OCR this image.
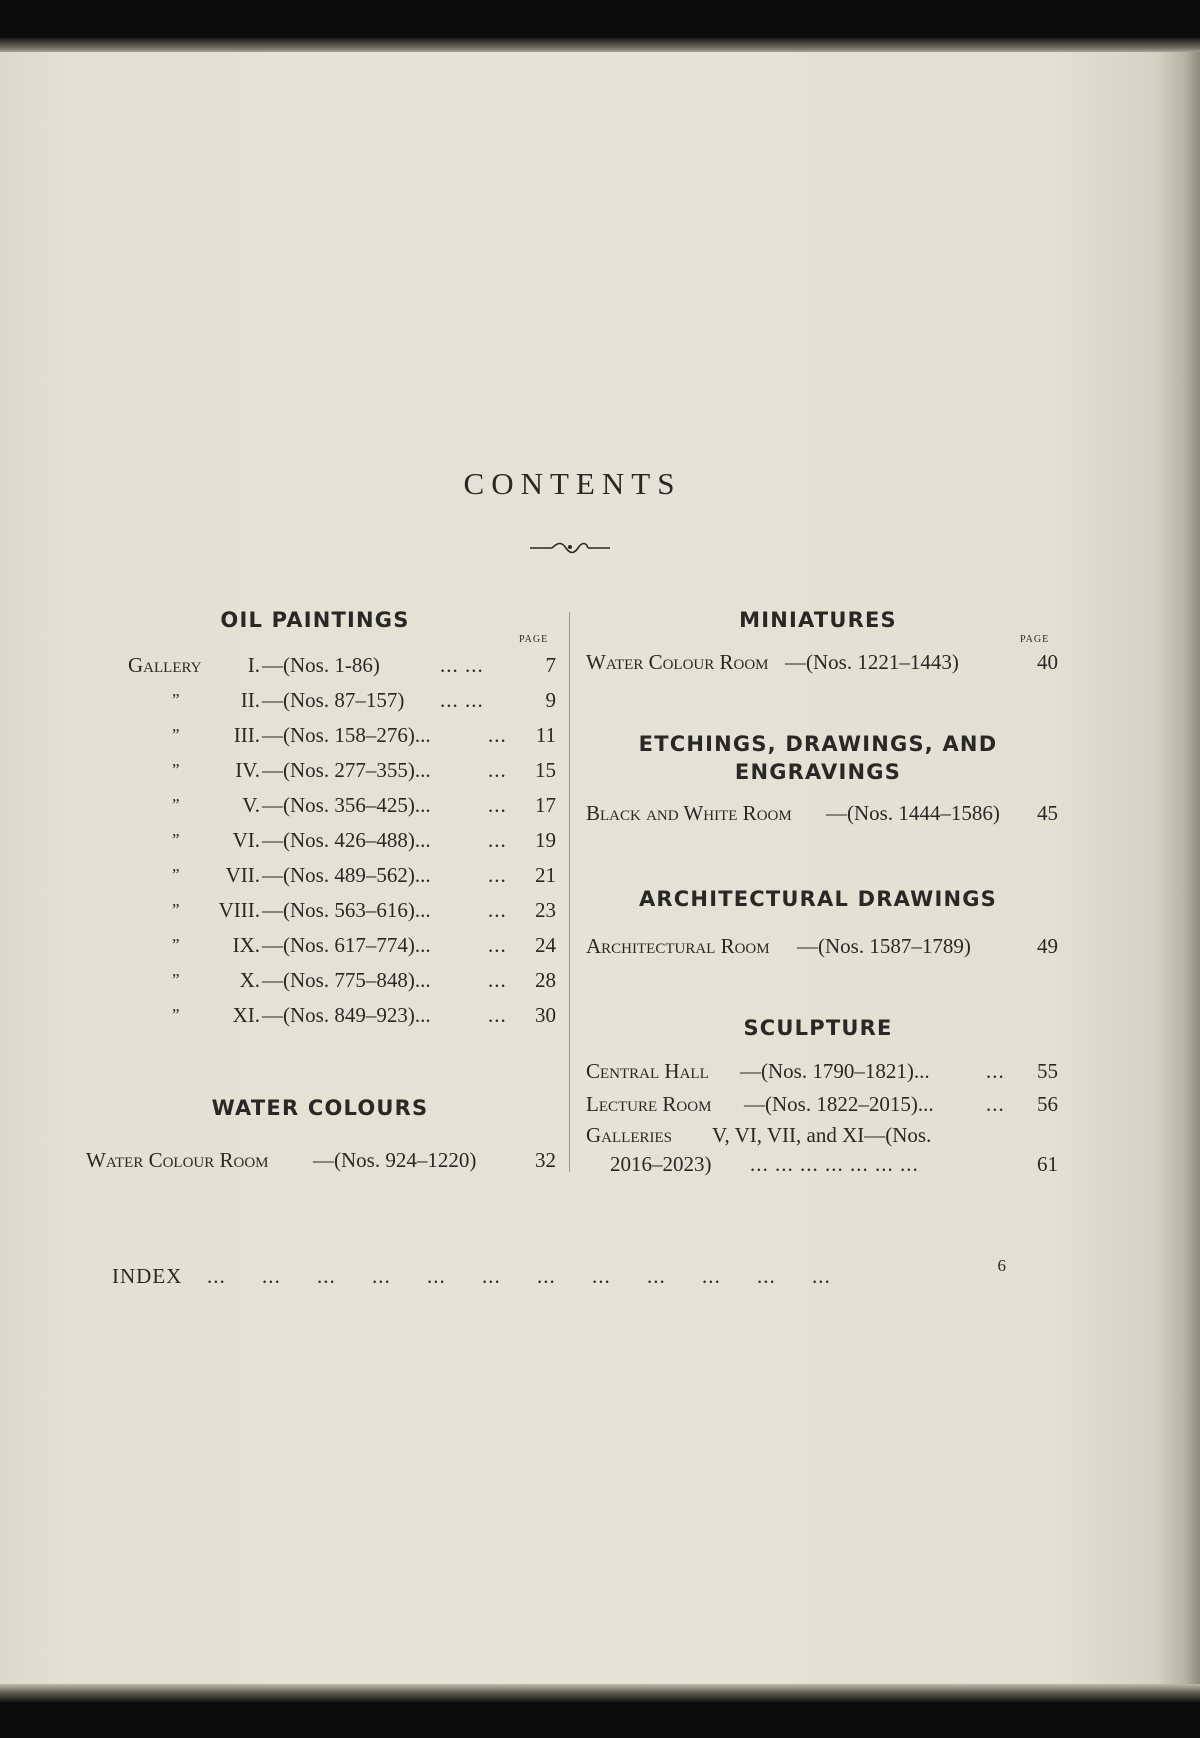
CONTENTS
OIL PAINTINGS
PAGE
Gallery	I. —(Nos. 1-86)	... ...	7
”	II. —(Nos. 87–157) ... ...	9
”	III. —(Nos. 158–276)...	...	11
”	IV. —(Nos. 277–355)...	...	15
”	V. —(Nos. 356–425)...	...	17
”	VI. —(Nos. 426–488)...	...	19
”	VII. —(Nos. 489–562)...	...	21
”	VIII. —(Nos. 563–616)...	...	23
”	IX. —(Nos. 617–774)...	...	24
”	X. —(Nos. 775–848)...	...	28
”	XI. —(Nos. 849–923)...	...	30
WATER COLOURS
Water Colour Room —(Nos. 924–1220)	32
MINIATURES
PAGE
Water Colour Room —(Nos. 1221–1443)	40
ETCHINGS, DRAWINGS, AND
ENGRAVINGS
Black and White Room —(Nos. 1444–1586)	45
ARCHITECTURAL DRAWINGS
Architectural Room —(Nos. 1587–1789)	49
SCULPTURE
Central Hall —(Nos. 1790–1821)...	...	55
Lecture Room —(Nos. 1822–2015)... ...	56
Galleries V, VI, VII, and XI—(Nos.
2016–2023) ... ... ... ... ... ... ...	61
INDEX ... ... ... ... ... ... ... ... ... ... ... ...	6
